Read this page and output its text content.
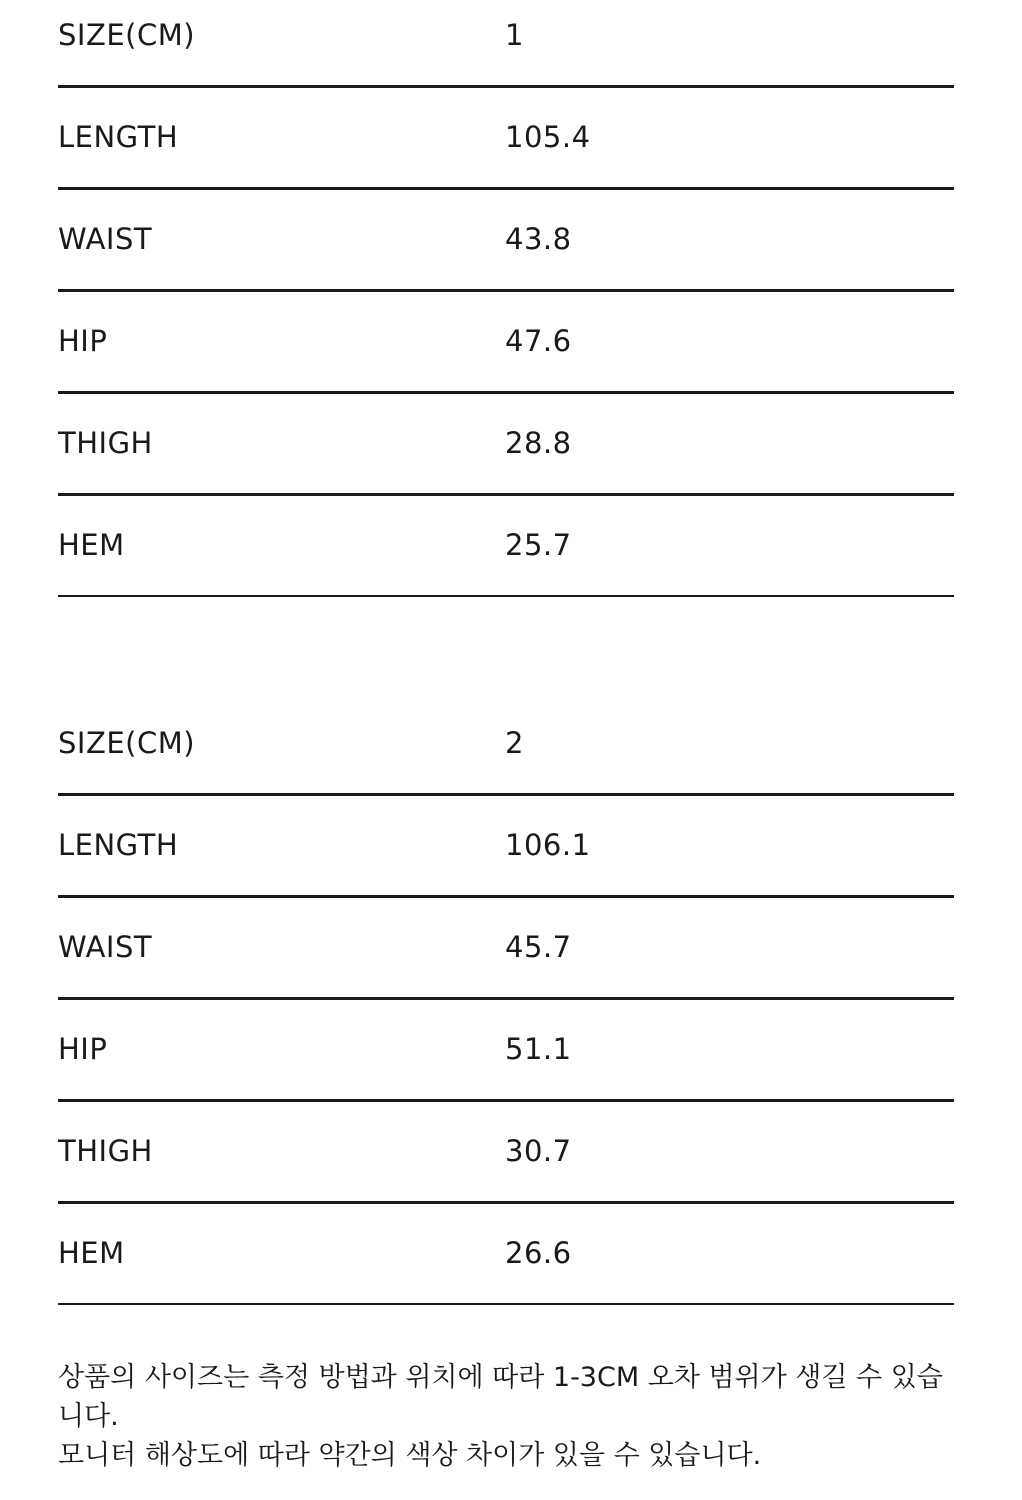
SIZE(CM)	1
LENGTH	105.4
WAIST	43.8
HIP	47.6
THIGH	28.8
HEM	25.7
SIZE(CM)	2
LENGTH	106.1
WAIST	45.7
HIP	51.1
THIGH	30.7
HEM	26.6

상품의 사이즈는 측정 방법과 위치에 따라 1-3CM 오차 범위가 생길 수 있습니다.

모니터 해상도에 따라 약간의 색상 차이가 있을 수 있습니다.
